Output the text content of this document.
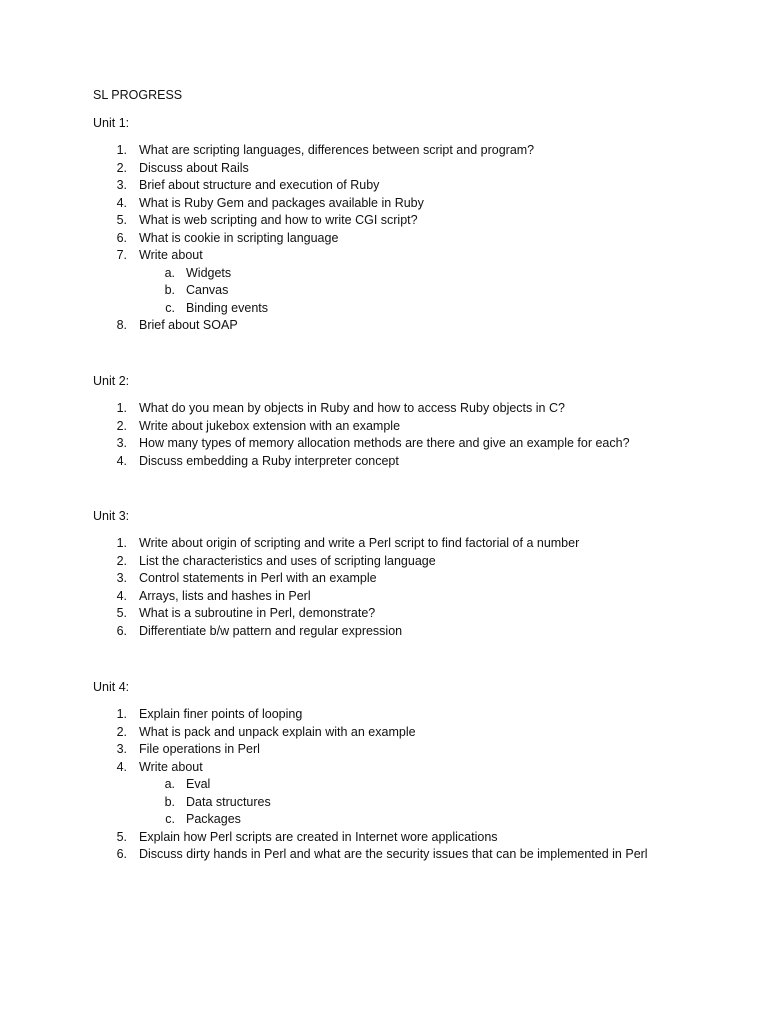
SL PROGRESS
Unit 1:
1. What are scripting languages, differences between script and program?
2. Discuss about Rails
3. Brief about structure and execution of Ruby
4. What is Ruby Gem and packages available in Ruby
5. What is web scripting and how to write CGI script?
6. What is cookie in scripting language
7. Write about
a. Widgets
b. Canvas
c. Binding events
8. Brief about SOAP
Unit 2:
1. What do you mean by objects in Ruby and how to access Ruby objects in C?
2. Write about jukebox extension with an example
3. How many types of memory allocation methods are there and give an example for each?
4. Discuss embedding a Ruby interpreter concept
Unit 3:
1. Write about origin of scripting and write a Perl script to find factorial of a number
2. List the characteristics and uses of scripting language
3. Control statements in Perl with an example
4. Arrays, lists and hashes in Perl
5. What is a subroutine in Perl, demonstrate?
6. Differentiate b/w pattern and regular expression
Unit 4:
1. Explain finer points of looping
2. What is pack and unpack explain with an example
3. File operations in Perl
4. Write about
a. Eval
b. Data structures
c. Packages
5. Explain how Perl scripts are created in Internet wore applications
6. Discuss dirty hands in Perl and what are the security issues that can be implemented in Perl
